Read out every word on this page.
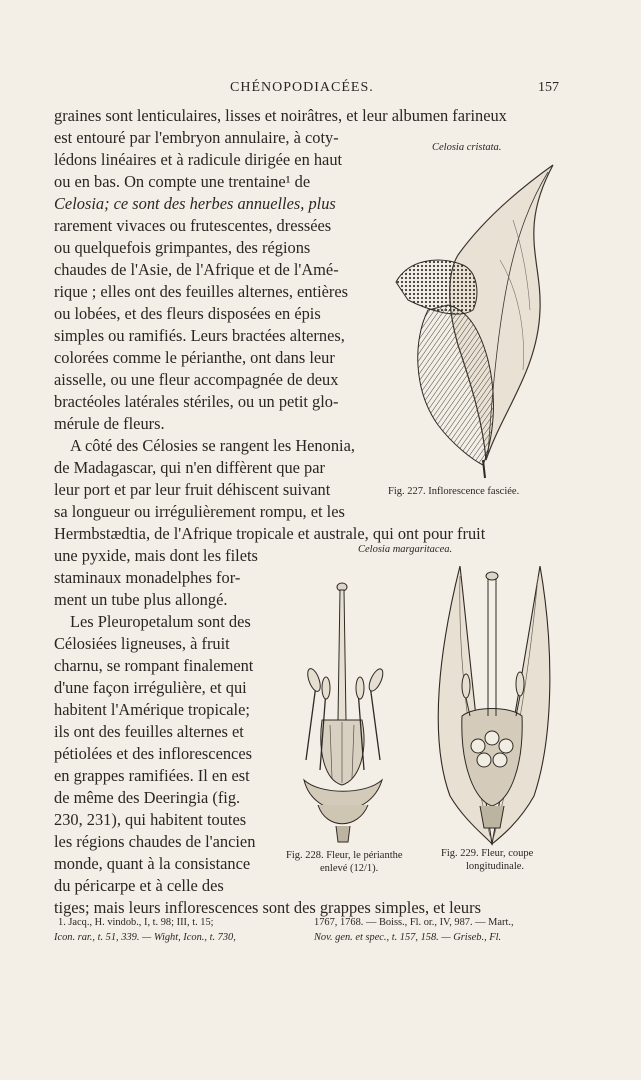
CHÉNOPODIACÉES.	157
graines sont lenticulaires, lisses et noirâtres, et leur albumen farineux
est entouré par l'embryon annulaire, à coty-
lédons linéaires et à radicule dirigée en haut
ou en bas. On compte une trentaine¹ de
Celosia; ce sont des herbes annuelles, plus
rarement vivaces ou frutescentes, dressées
ou quelquefois grimpantes, des régions
chaudes de l'Asie, de l'Afrique et de l'Amé-
rique ; elles ont des feuilles alternes, entières
ou lobées, et des fleurs disposées en épis
simples ou ramifiés. Leurs bractées alternes,
colorées comme le périanthe, ont dans leur
aisselle, ou une fleur accompagnée de deux
bractéoles latérales stériles, ou un petit glo-
mérule de fleurs.
A côté des Célosies se rangent les Henonia,
de Madagascar, qui n'en diffèrent que par
leur port et par leur fruit déhiscent suivant
sa longueur ou irrégulièrement rompu, et les
Hermbstædtia, de l'Afrique tropicale et australe, qui ont pour fruit
une pyxide, mais dont les filets
staminaux monadelphes for-
ment un tube plus allongé.
Les Pleuropetalum sont des
Célosiées ligneuses, à fruit
charnu, se rompant finalement
d'une façon irrégulière, et qui
habitent l'Amérique tropicale;
ils ont des feuilles alternes et
pétiolées et des inflorescences
en grappes ramifiées. Il en est
de même des Deeringia (fig.
230, 231), qui habitent toutes
les régions chaudes de l'ancien
monde, quant à la consistance
du péricarpe et à celle des
tiges; mais leurs inflorescences sont des grappes simples, et leurs
Celosia cristata.
Fig. 227. Inflorescence fasciée.
Celosia margaritacea.
Fig. 228. Fleur, le périanthe
enlevé (12/1).
Fig. 229. Fleur, coupe
longitudinale.
1. Jacq., H. vindob., I, t. 98; III, t. 15;
Icon. rar., t. 51, 339. — Wight, Icon., t. 730,
1767, 1768. — Boiss., Fl. or., IV, 987. — Mart.,
Nov. gen. et spec., t. 157, 158. — Griseb., Fl.
